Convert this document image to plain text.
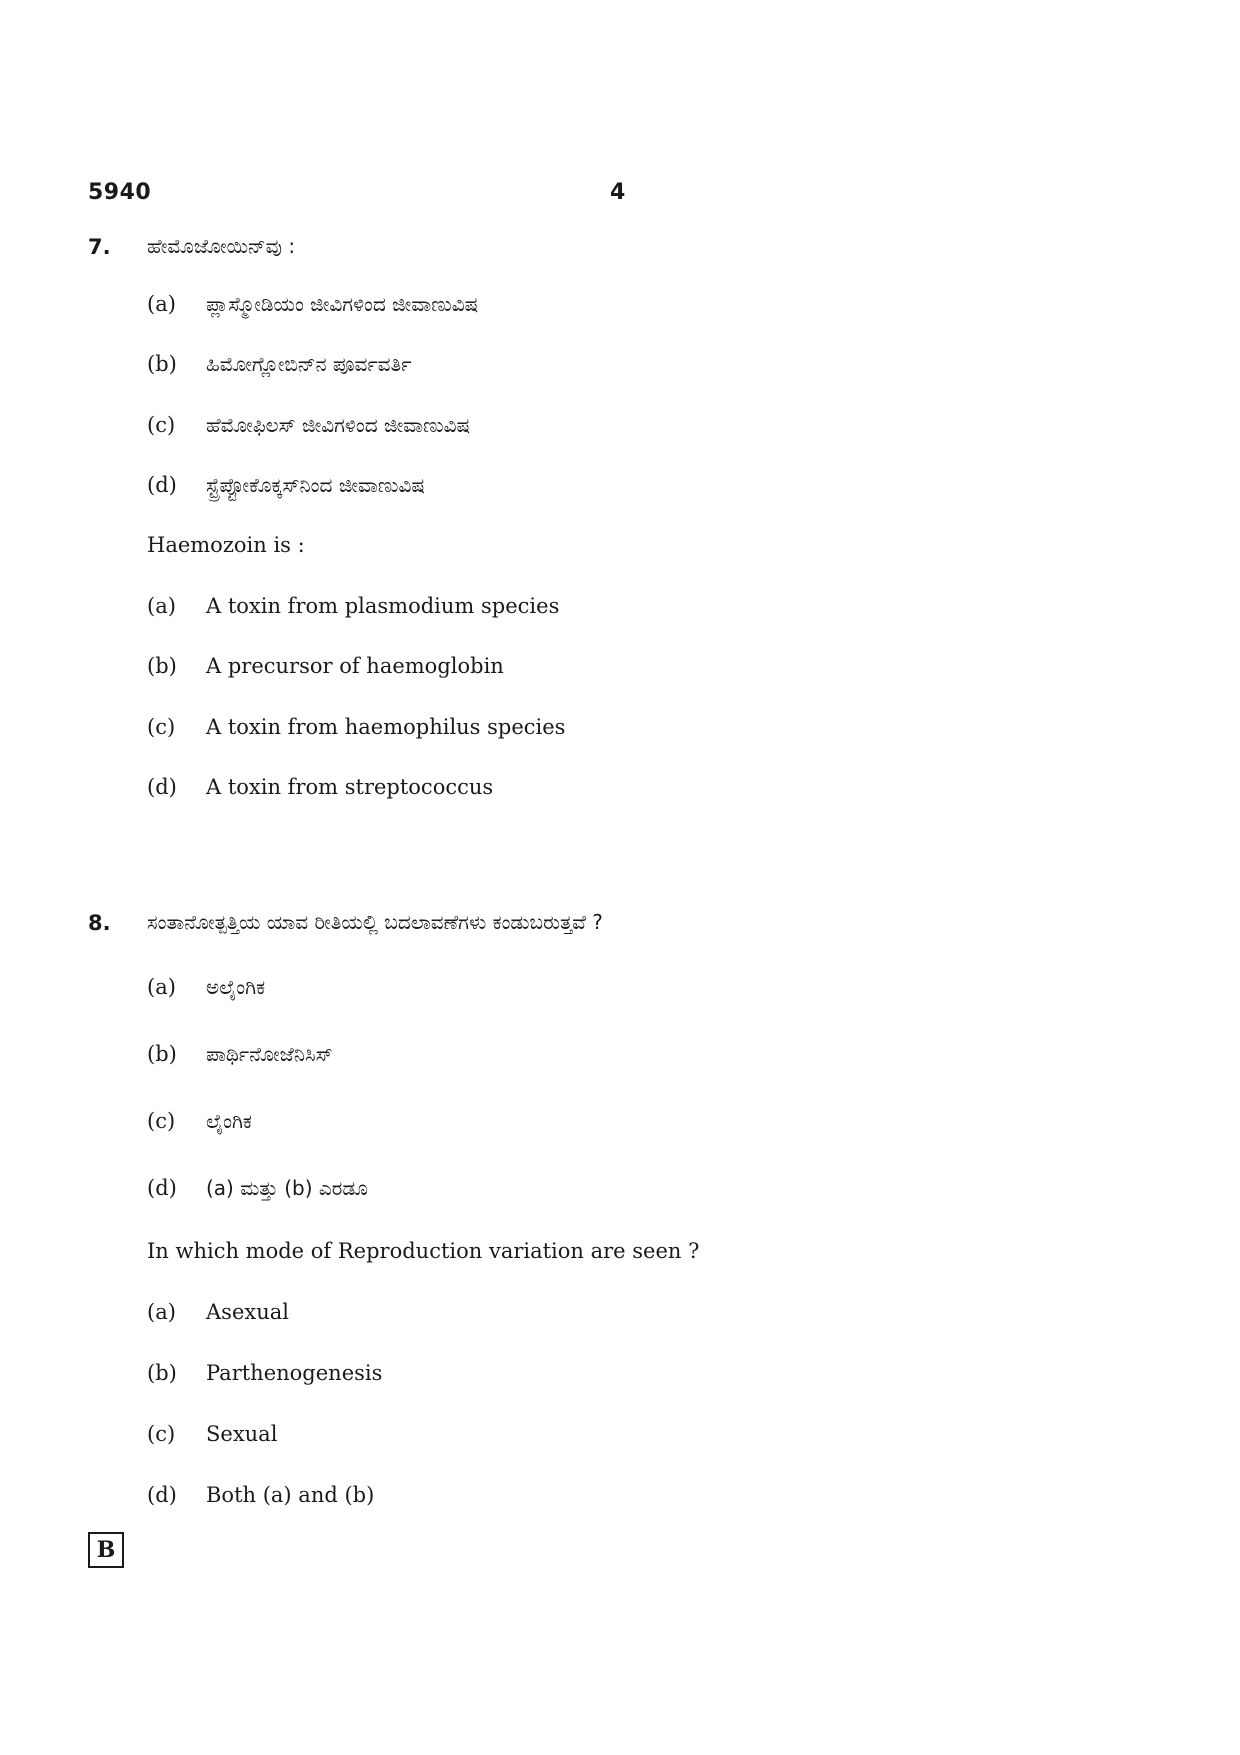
5940	4
7. ಹೇಮೊಜೋಯಿನ್‌ವು :
(a) ಪ್ಲಾಸ್ಮೋಡಿಯಂ ಜೀವಿಗಳಿಂದ ಜೀವಾಣುವಿಷ
(b) ಹಿಮೋಗ್ಲೋಬಿನ್‌ನ ಪೂರ್ವವರ್ತಿ
(c) ಹೆಮೋಫಿಲಸ್ ಜೀವಿಗಳಿಂದ ಜೀವಾಣುವಿಷ
(d) ಸ್ಟ್ರೆಪ್ಟೋಕೊಕ್ಕಸ್‌ನಿಂದ ಜೀವಾಣುವಿಷ
Haemozoin is :
(a) A toxin from plasmodium species
(b) A precursor of haemoglobin
(c) A toxin from haemophilus species
(d) A toxin from streptococcus
8. ಸಂತಾನೋತ್ಪತ್ತಿಯ ಯಾವ ರೀತಿಯಲ್ಲಿ ಬದಲಾವಣೆಗಳು ಕಂಡುಬರುತ್ತವೆ ?
(a) ಅಲೈಂಗಿಕ
(b) ಪಾರ್ಥಿನೋಜೆನಿಸಿಸ್
(c) ಲೈಂಗಿಕ
(d) (a) ಮತ್ತು (b) ಎರಡೂ
In which mode of Reproduction variation are seen ?
(a) Asexual
(b) Parthenogenesis
(c) Sexual
(d) Both (a) and (b)
B
